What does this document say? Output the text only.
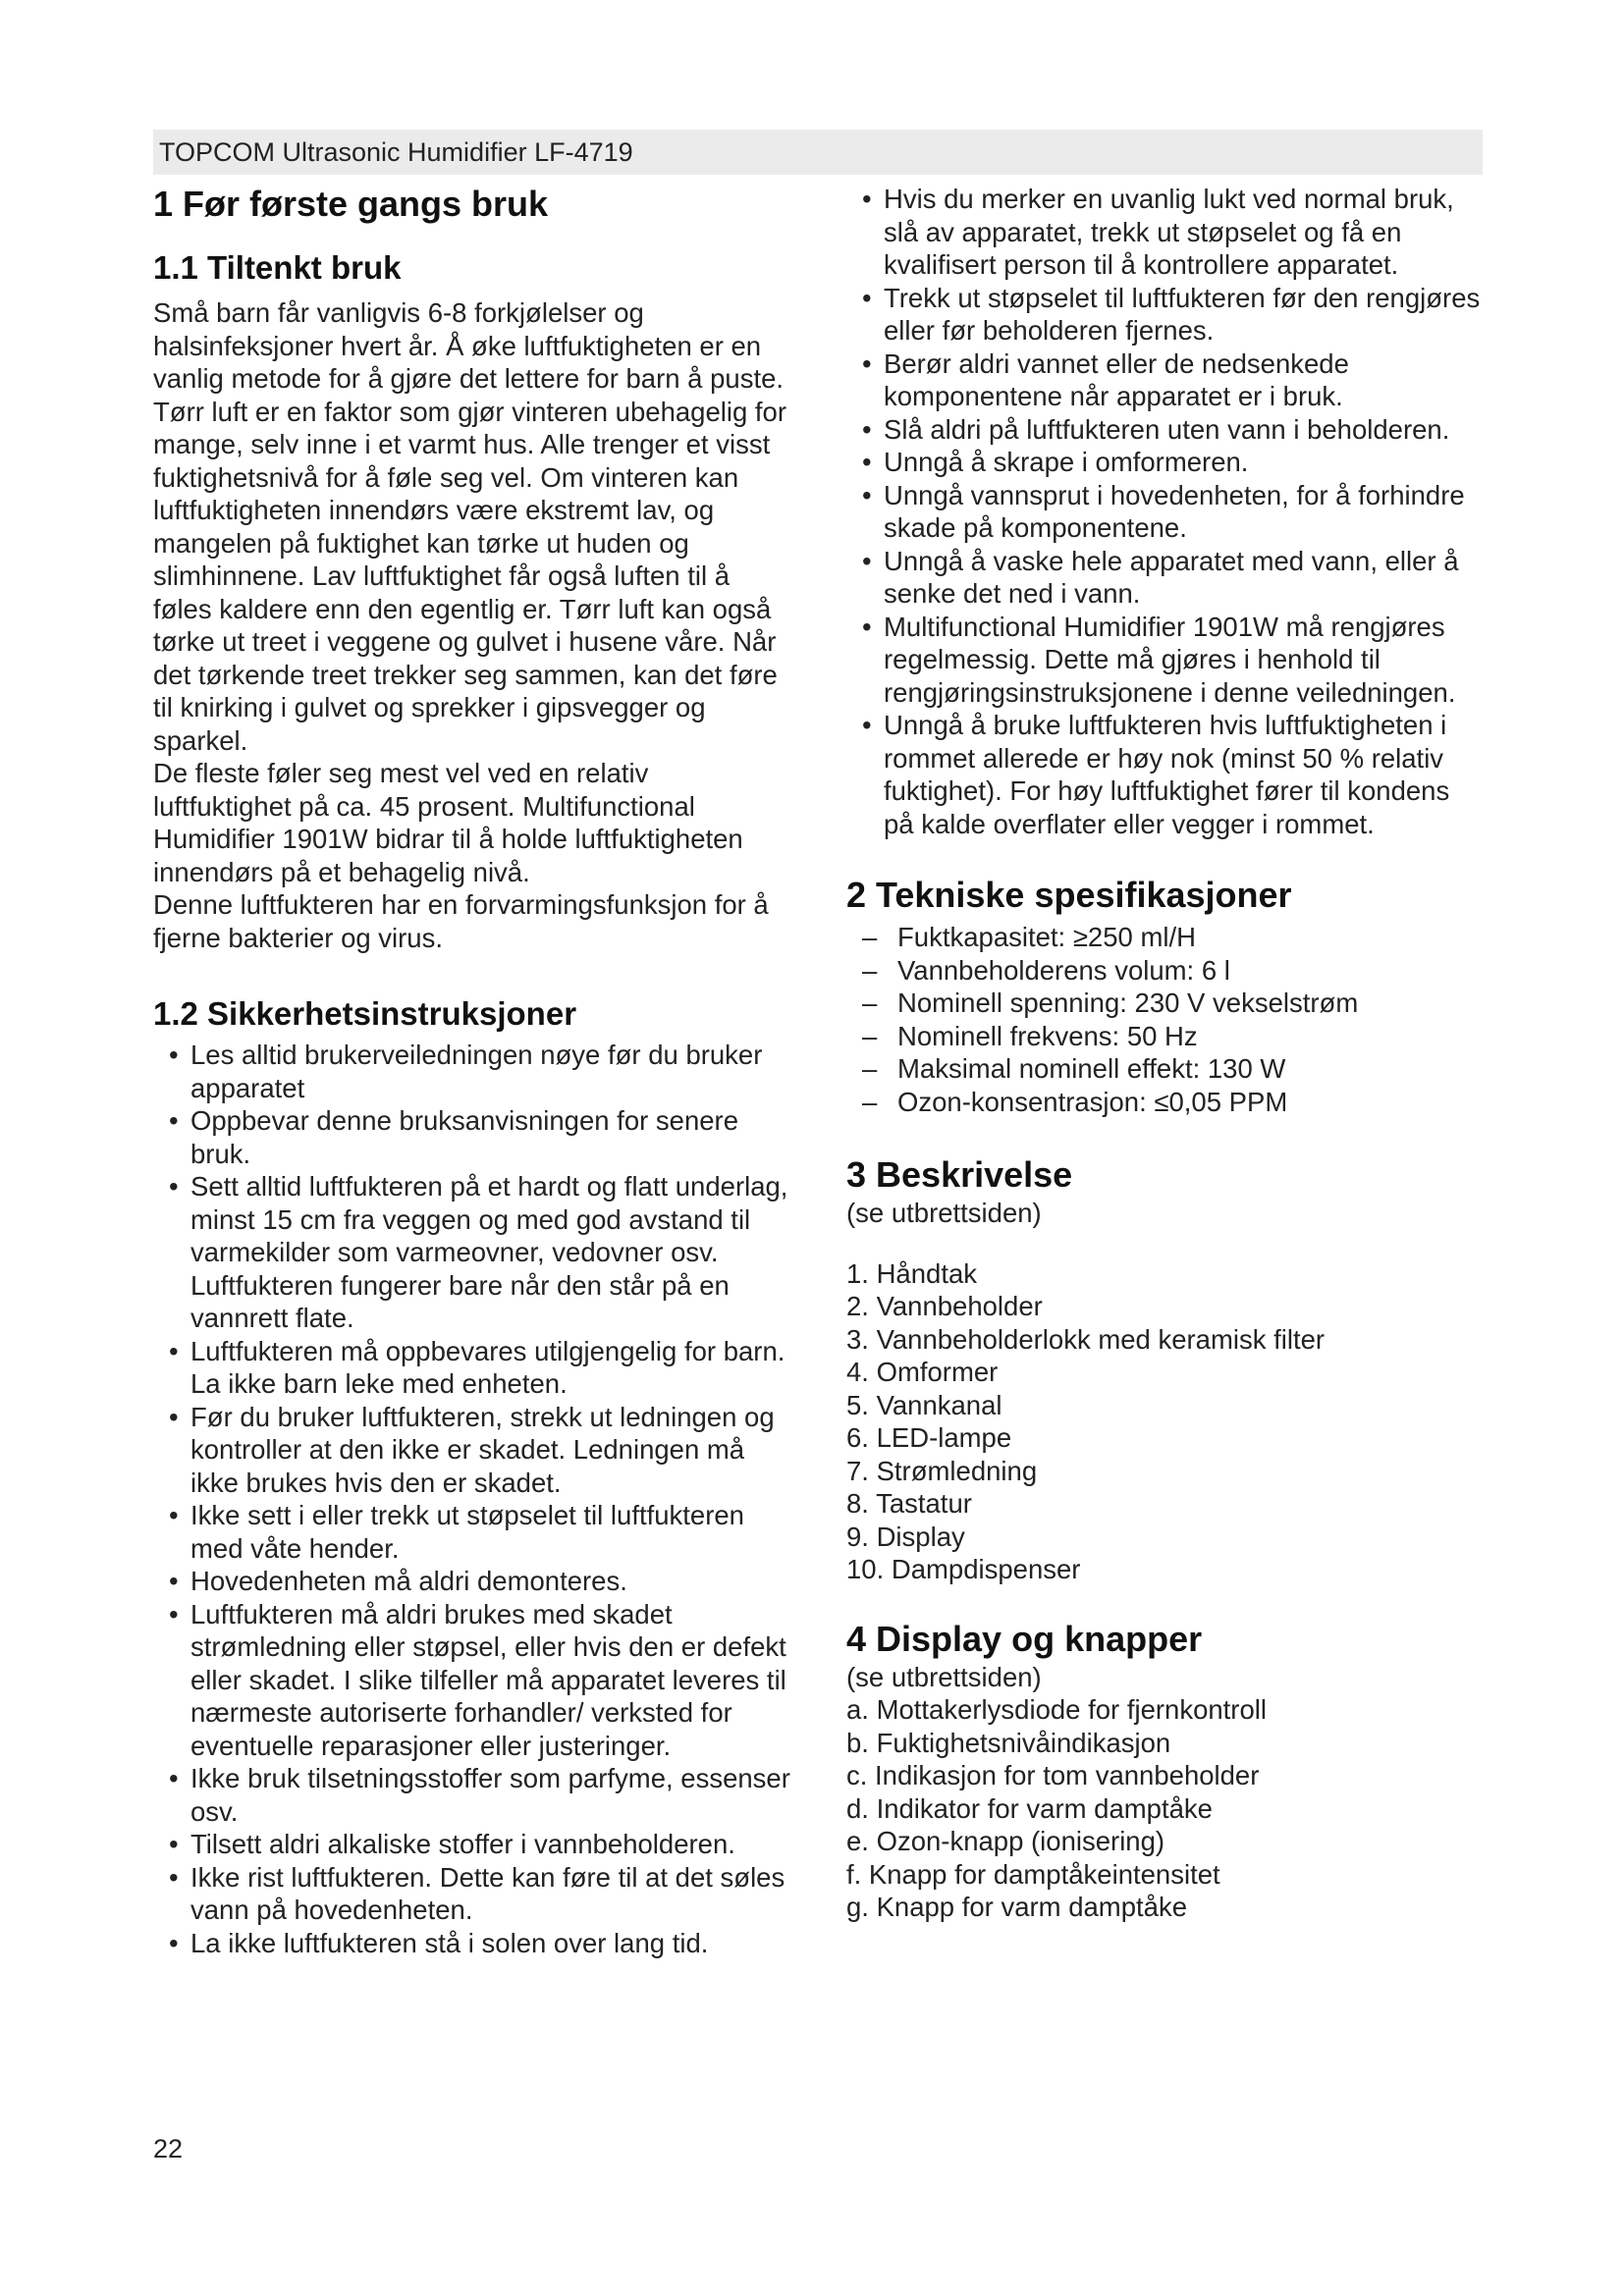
TOPCOM Ultrasonic Humidifier LF-4719
1 Før første gangs bruk
1.1 Tiltenkt bruk

Små barn får vanligvis 6-8 forkjølelser og halsinfeksjoner hvert år. Å øke luftfuktigheten er en vanlig metode for å gjøre det lettere for barn å puste.

Tørr luft er en faktor som gjør vinteren ubehagelig for mange, selv inne i et varmt hus. Alle trenger et visst fuktighetsnivå for å føle seg vel. Om vinteren kan luftfuktigheten innendørs være ekstremt lav, og mangelen på fuktighet kan tørke ut huden og slimhinnene. Lav luftfuktighet får også luften til å føles kaldere enn den egentlig er. Tørr luft kan også tørke ut treet i veggene og gulvet i husene våre. Når det tørkende treet trekker seg sammen, kan det føre til knirking i gulvet og sprekker i gipsvegger og sparkel.

De fleste føler seg mest vel ved en relativ luftfuktighet på ca. 45 prosent. Multifunctional Humidifier 1901W bidrar til å holde luftfuktigheten innendørs på et behagelig nivå.

Denne luftfukteren har en forvarmingsfunksjon for å fjerne bakterier og virus.

1.2 Sikkerhetsinstruksjoner
• Les alltid brukerveiledningen nøye før du bruker apparatet
• Oppbevar denne bruksanvisningen for senere bruk.
• Sett alltid luftfukteren på et hardt og flatt underlag, minst 15 cm fra veggen og med god avstand til varmekilder som varmeovner, vedovner osv. Luftfukteren fungerer bare når den står på en vannrett flate.
• Luftfukteren må oppbevares utilgjengelig for barn. La ikke barn leke med enheten.
• Før du bruker luftfukteren, strekk ut ledningen og kontroller at den ikke er skadet. Ledningen må ikke brukes hvis den er skadet.
• Ikke sett i eller trekk ut støpselet til luftfukteren med våte hender.
• Hovedenheten må aldri demonteres.
• Luftfukteren må aldri brukes med skadet strømledning eller støpsel, eller hvis den er defekt eller skadet. I slike tilfeller må apparatet leveres til nærmeste autoriserte forhandler/ verksted for eventuelle reparasjoner eller justeringer.
• Ikke bruk tilsetningsstoffer som parfyme, essenser osv.
• Tilsett aldri alkaliske stoffer i vannbeholderen.
• Ikke rist luftfukteren. Dette kan føre til at det søles vann på hovedenheten.
• La ikke luftfukteren stå i solen over lang tid.
• Hvis du merker en uvanlig lukt ved normal bruk, slå av apparatet, trekk ut støpselet og få en kvalifisert person til å kontrollere apparatet.
• Trekk ut støpselet til luftfukteren før den rengjøres eller før beholderen fjernes.
• Berør aldri vannet eller de nedsenkede komponentene når apparatet er i bruk.
• Slå aldri på luftfukteren uten vann i beholderen.
• Unngå å skrape i omformeren.
• Unngå vannsprut i hovedenheten, for å forhindre skade på komponentene.
• Unngå å vaske hele apparatet med vann, eller å senke det ned i vann.
• Multifunctional Humidifier 1901W må rengjøres regelmessig. Dette må gjøres i henhold til rengjøringsinstruksjonene i denne veiledningen.
• Unngå å bruke luftfukteren hvis luftfuktigheten i rommet allerede er høy nok (minst 50 % relativ fuktighet). For høy luftfuktighet fører til kondens på kalde overflater eller vegger i rommet.
2 Tekniske spesifikasjoner
– Fuktkapasitet: ≥250 ml/H
– Vannbeholderens volum: 6 l
– Nominell spenning: 230 V vekselstrøm
– Nominell frekvens: 50 Hz
– Maksimal nominell effekt: 130 W
– Ozon-konsentrasjon: ≤0,05 PPM
3 Beskrivelse

(se utbrettsiden)

1. Håndtak
2. Vannbeholder
3. Vannbeholderlokk med keramisk filter
4. Omformer
5. Vannkanal
6. LED-lampe
7. Strømledning
8. Tastatur
9. Display
10. Dampdispenser
4 Display og knapper

(se utbrettsiden)

a. Mottakerlysdiode for fjernkontroll
b. Fuktighetsnivåindikasjon
c. Indikasjon for tom vannbeholder
d. Indikator for varm damptåke
e. Ozon-knapp (ionisering)
f. Knapp for damptåkeintensitet
g. Knapp for varm damptåke
22
